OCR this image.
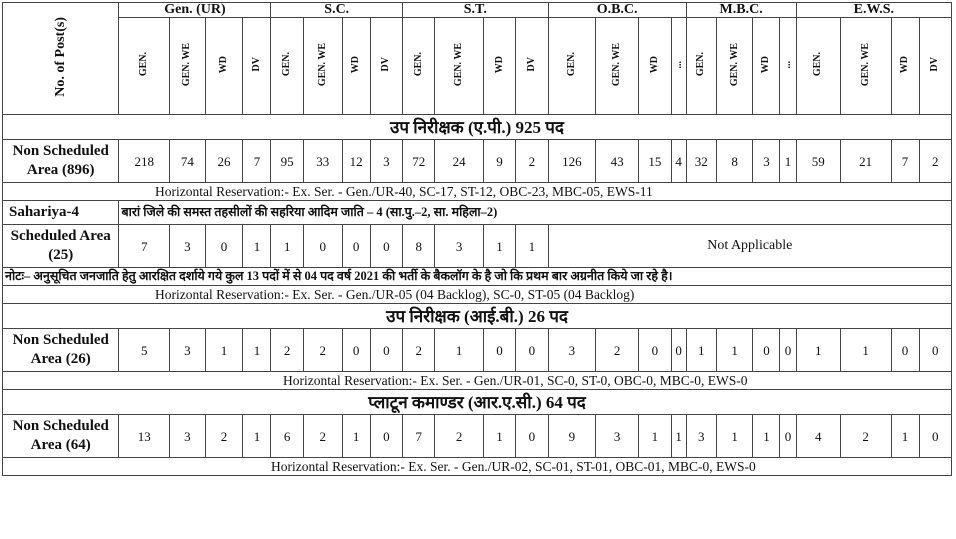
No. of Post(s)	Gen. (UR)				S.C.				S.T.				O.B.C.				M.B.C.				E.W.S.			
	GEN.	GEN. WE	WD	DV	GEN.	GEN. WE	WD	DV	GEN.	GEN. WE	WD	DV	GEN.	GEN. WE	WD	...	GEN.	GEN. WE	WD	...	GEN.	GEN. WE	WD	DV
उप निरीक्षक (ए.पी.) 925 पद																								
Non Scheduled Area (896)	218	74	26	7	95	33	12	3	72	24	9	2	126	43	15	4	32	8	3	1	59	21	7	2
Horizontal Reservation:- Ex. Ser. - Gen./UR-40, SC-17, ST-12, OBC-23, MBC-05, EWS-11																								
Sahariya-4	बारां जिले की समस्त तहसीलों की सहरिया आदिम जाति – 4 (सा.पु.–2, सा. महिला–2)																							
Scheduled Area (25)	7	3	0	1	1	0	0	0	8	3	1	1	Not Applicable											
नोटः– अनुसूचित जनजाति हेतु आरक्षित दर्शाये गये कुल 13 पदों में से 04 पद वर्ष 2021 की भर्ती के बैकलॉग के है जो कि प्रथम बार अग्रनीत किये जा रहे है।																								
Horizontal Reservation:- Ex. Ser. - Gen./UR-05 (04 Backlog), SC-0, ST-05 (04 Backlog)																								
उप निरीक्षक (आई.बी.) 26 पद																								
Non Scheduled Area (26)	5	3	1	1	2	2	0	0	2	1	0	0	3	2	0	0	1	1	0	0	1	1	0	0
Horizontal Reservation:- Ex. Ser. - Gen./UR-01, SC-0, ST-0, OBC-0, MBC-0, EWS-0																								
प्लाटून कमाण्डर (आर.ए.सी.) 64 पद																								
Non Scheduled Area (64)	13	3	2	1	6	2	1	0	7	2	1	0	9	3	1	1	3	1	1	0	4	2	1	0
Horizontal Reservation:- Ex. Ser. - Gen./UR-02, SC-01, ST-01, OBC-01, MBC-0, EWS-0																								
